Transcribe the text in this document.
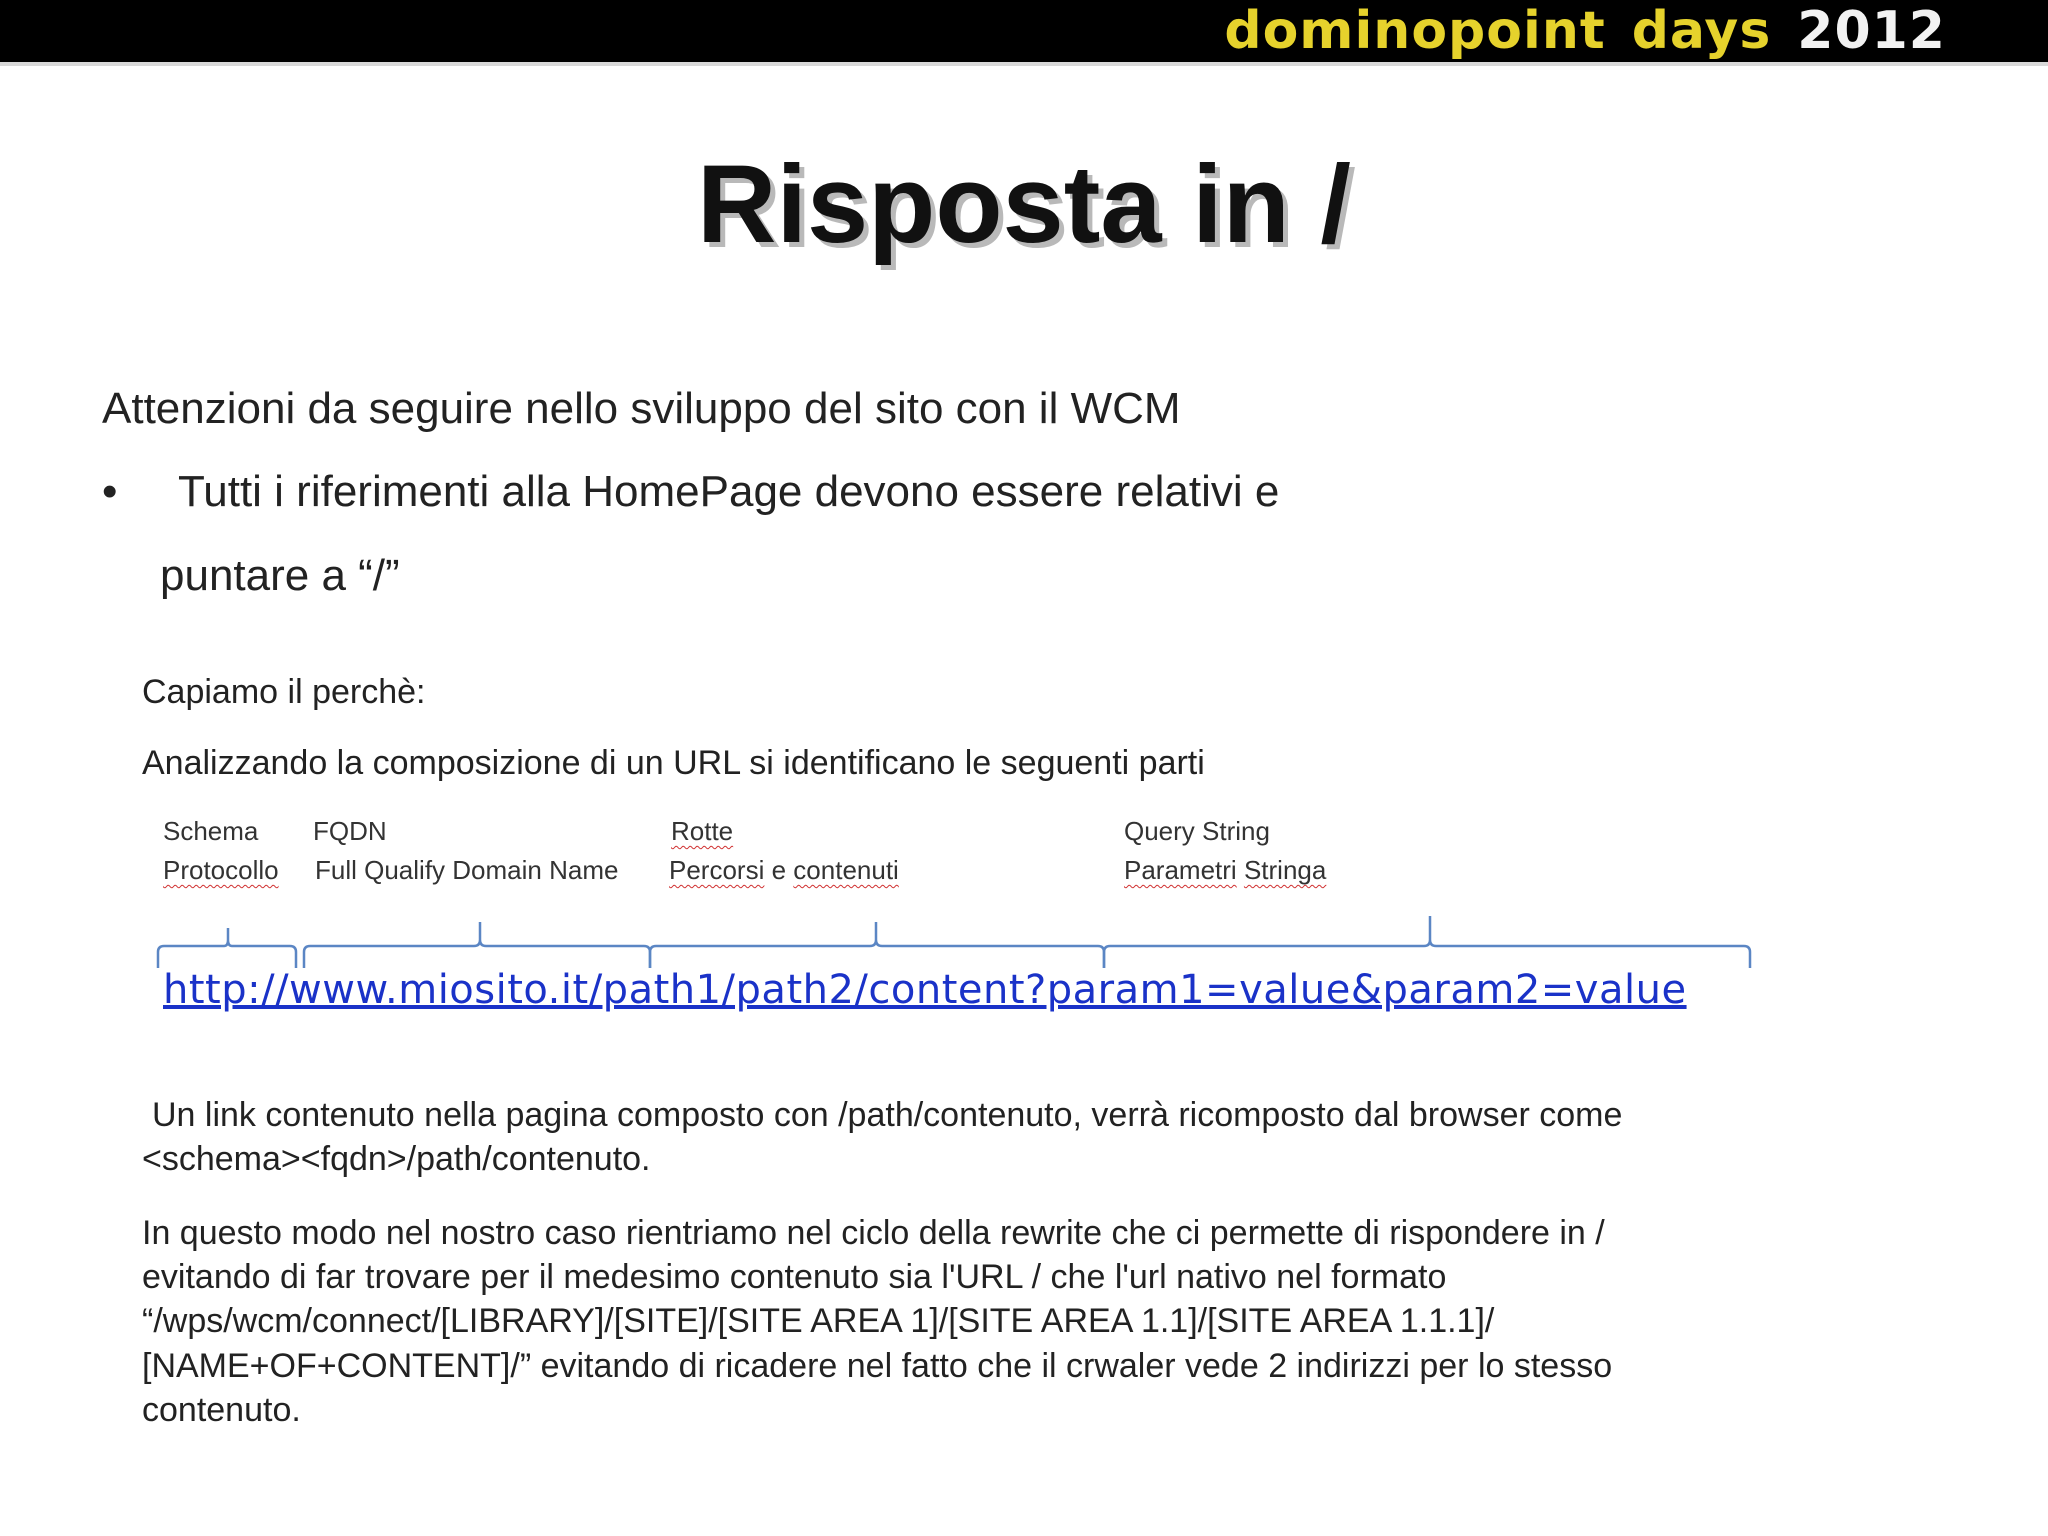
dominopoint days 2012
Risposta in /
Attenzioni da seguire nello sviluppo del sito con il WCM
• Tutti i riferimenti alla HomePage devono essere relativi e
puntare a “/”
Capiamo il perchè:
Analizzando la composizione di un URL si identificano le seguenti parti
Schema
Protocollo
FQDN
Full Qualify Domain Name
Rotte
Percorsi e contenuti
Query String
Parametri Stringa
http://www.miosito.it/path1/path2/content?param1=value&param2=value
Un link contenuto nella pagina composto con /path/contenuto, verrà ricomposto dal browser come
<schema><fqdn>/path/contenuto.
In questo modo nel nostro caso rientriamo nel ciclo della rewrite che ci permette di rispondere in /
evitando di far trovare per il medesimo contenuto sia l'URL / che l'url nativo nel formato
“/wps/wcm/connect/[LIBRARY]/[SITE]/[SITE AREA 1]/[SITE AREA 1.1]/[SITE AREA 1.1.1]/
[NAME+OF+CONTENT]/” evitando di ricadere nel fatto che il crwaler vede 2 indirizzi per lo stesso
contenuto.
